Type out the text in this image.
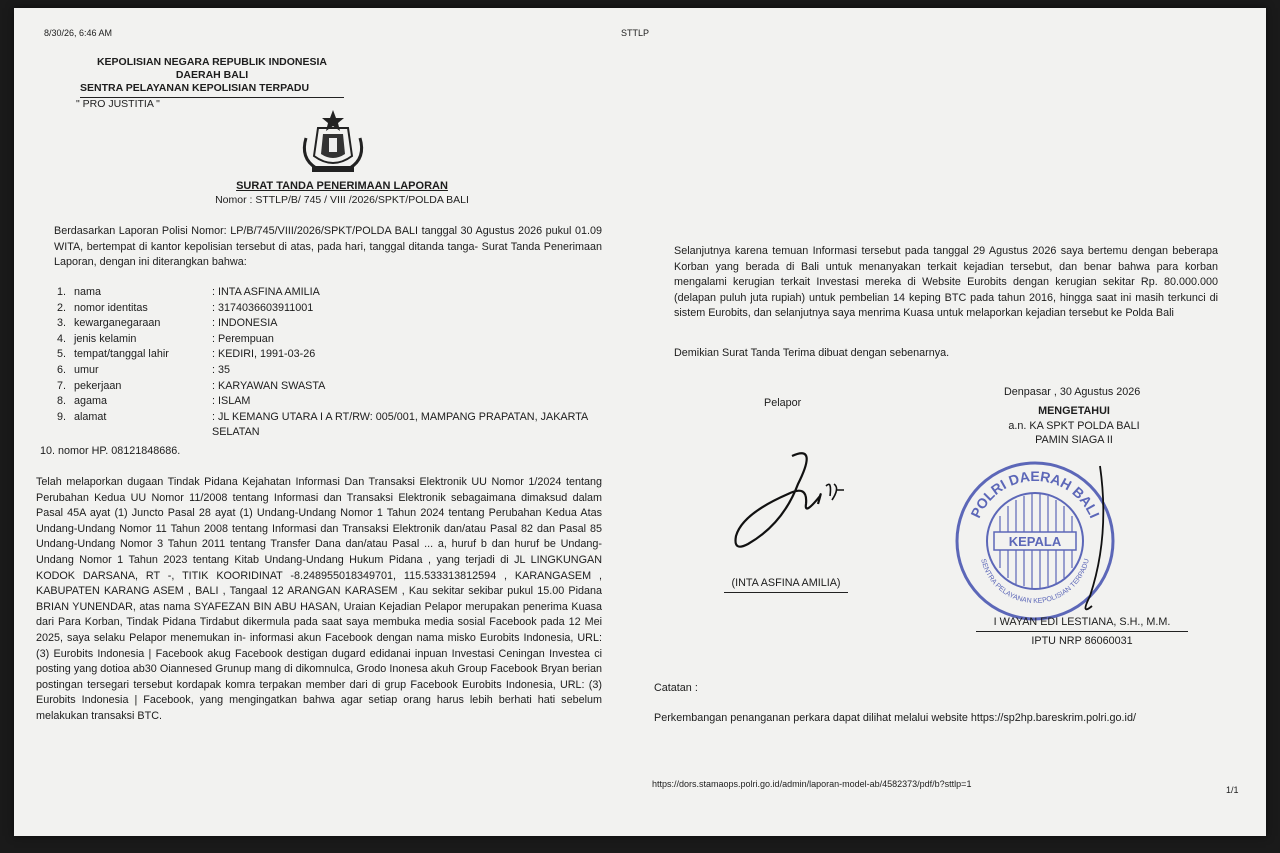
8/30/26, 6:46 AM	STTLP
KEPOLISIAN NEGARA REPUBLIK INDONESIA
DAERAH BALI
SENTRA PELAYANAN KEPOLISIAN TERPADU
" PRO JUSTITIA "
SURAT TANDA PENERIMAAN LAPORAN
Nomor : STTLP/B/ 745 / VIII /2026/SPKT/POLDA BALI
Berdasarkan Laporan Polisi Nomor: LP/B/745/VIII/2026/SPKT/POLDA BALI tanggal 30 Agustus 2026 pukul 01.09 WITA, bertempat di kantor kepolisian tersebut di atas, pada hari, tanggal ditanda tanga- Surat Tanda Penerimaan Laporan, dengan ini diterangkan bahwa:
1. nama	: INTA ASFINA AMILIA
2. nomor identitas	: 3174036603911001
3. kewarganegaraan	: INDONESIA
4. jenis kelamin	: Perempuan
5. tempat/tanggal lahir	: KEDIRI, 1991-03-26
6. umur	: 35
7. pekerjaan	: KARYAWAN SWASTA
8. agama	: ISLAM
9. alamat	: JL KEMANG UTARA I A RT/RW: 005/001, MAMPANG PRAPATAN, JAKARTA SELATAN
10. nomor HP. 08121848686.
Telah melaporkan dugaan Tindak Pidana Kejahatan Informasi Dan Transaksi Elektronik UU Nomor 1/2024 tentang Perubahan Kedua UU Nomor 11/2008 tentang Informasi dan Transaksi Elektronik sebagaimana dimaksud dalam Pasal 45A ayat (1) Juncto Pasal 28 ayat (1) Undang-Undang Nomor 1 Tahun 2024 tentang Perubahan Kedua Atas Undang-Undang Nomor 11 Tahun 2008 tentang Informasi dan Transaksi Elektronik dan/atau Pasal 82 dan Pasal 85 Undang-Undang Nomor 3 Tahun 2011 tentang Transfer Dana dan/atau Pasal ... a, huruf b dan huruf be Undang-Undang Nomor 1 Tahun 2023 tentang Kitab Undang-Undang Hukum Pidana , yang terjadi di JL LINGKUNGAN KODOK DARSANA, RT -, TITIK KOORIDINAT -8.248955018349701, 115.533313812594 , KARANGASEM , KABUPATEN KARANG ASEM , BALI , Tangaal 12 ARANGAN KARASEM , Kau sekitar sekibar pukul 15.00 Pidana BRIAN YUNENDAR, atas nama SYAFEZAN BIN ABU HASAN, Uraian Kejadian Pelapor merupakan penerima Kuasa dari Para Korban, Tindak Pidana Tirdabut dikermula pada saat saya membuka media sosial Facebook pada 12 Mei 2025, saya selaku Pelapor menemukan in- informasi akun Facebook dengan nama misko Eurobits Indonesia, URL: (3) Eurobits Indonesia | Facebook akug Facebook destigan dugard edidanai inpuan Investasi Ceningan Investea ci posting yang dotioa ab30 Oiannesed Grunup mang di dikomnulca, Grodo Inonesa akuh Group Facebook Bryan berian postingan tersegari tersebut kordapak komra terpakan member dari di grup Facebook Eurobits Indonesia, URL: (3) Eurobits Indonesia | Facebook, yang mengingatkan bahwa agar setiap orang harus lebih berhati hati sebelum melakukan transaksi BTC.
Selanjutnya karena temuan Informasi tersebut pada tanggal 29 Agustus 2026 saya bertemu dengan beberapa Korban yang berada di Bali untuk menanyakan terkait kejadian tersebut, dan benar bahwa para korban mengalami kerugian terkait Investasi mereka di Website Eurobits dengan kerugian sekitar Rp. 80.000.000 (delapan puluh juta rupiah) untuk pembelian 14 keping BTC pada tahun 2016, hingga saat ini masih terkunci di sistem Eurobits, dan selanjutnya saya menrima Kuasa untuk melaporkan kejadian tersebut ke Polda Bali
Demikian Surat Tanda Terima dibuat dengan sebenarnya.
Pelapor
(INTA ASFINA AMILIA)
Denpasar , 30 Agustus 2026
MENGETAHUI
a.n. KA SPKT POLDA BALI
PAMIN SIAGA II
KEPALA
POLRI DAERAH BALI
SENTRA PELAYANAN KEPOLISIAN TERPADU
I WAYAN EDI LESTIANA, S.H., M.M.
IPTU NRP 86060031
Catatan :
Perkembangan penanganan perkara dapat dilihat melalui website https://sp2hp.bareskrim.polri.go.id/
https://dors.stamaops.polri.go.id/admin/laporan-model-ab/4582373/pdf/b?sttlp=1
1/1
